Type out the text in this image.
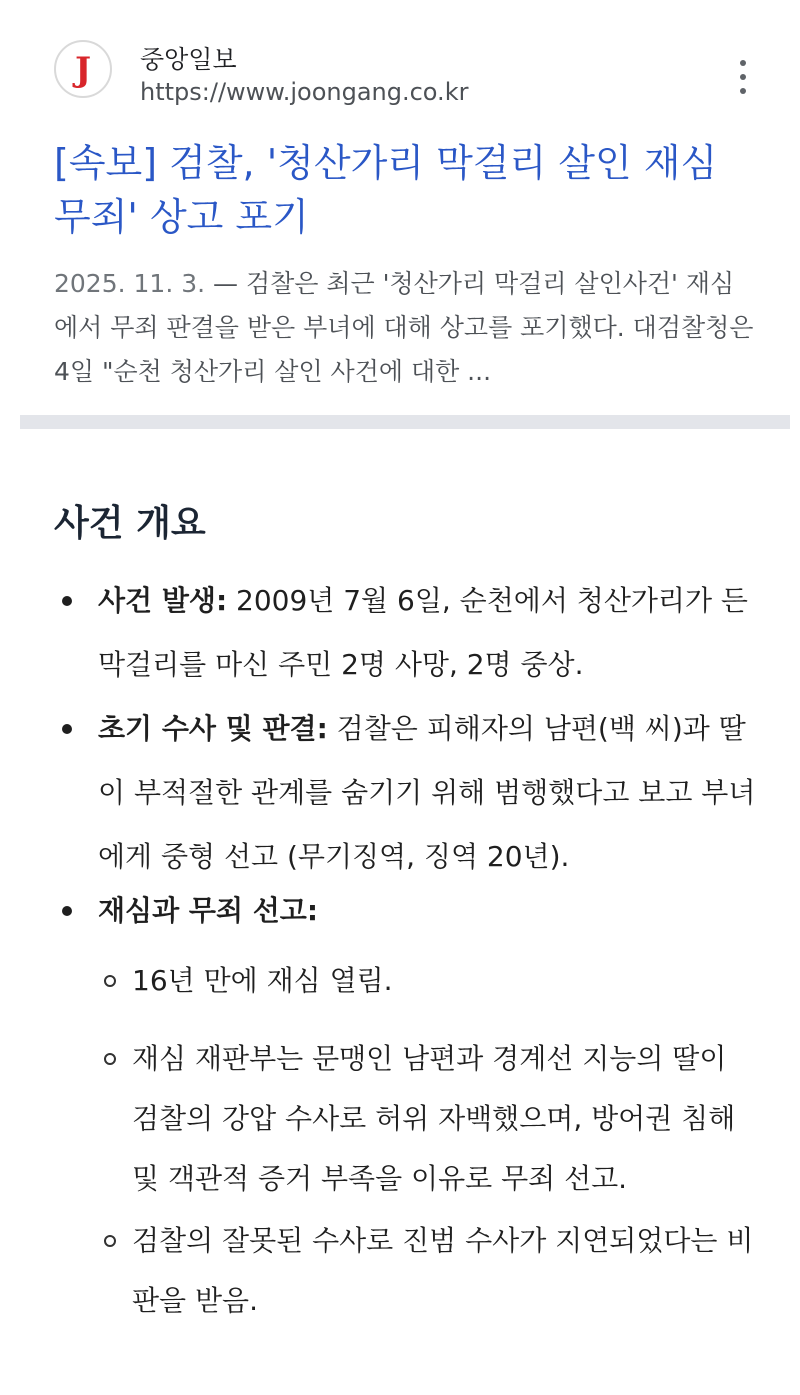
J 중앙일보
https://www.joongang.co.kr
[속보] 검찰, '청산가리 막걸리 살인 재심 무죄' 상고 포기

2025. 11. 3. — 검찰은 최근 '청산가리 막걸리 살인사건' 재심에서 무죄 판결을 받은 부녀에 대해 상고를 포기했다. 대검찰청은 4일 "순천 청산가리 살인 사건에 대한 ...

사건 개요
사건 발생: 2009년 7월 6일, 순천에서 청산가리가 든 막걸리를 마신 주민 2명 사망, 2명 중상.
초기 수사 및 판결: 검찰은 피해자의 남편(백 씨)과 딸이 부적절한 관계를 숨기기 위해 범행했다고 보고 부녀에게 중형 선고 (무기징역, 징역 20년).
재심과 무죄 선고:
16년 만에 재심 열림.
재심 재판부는 문맹인 남편과 경계선 지능의 딸이 검찰의 강압 수사로 허위 자백했으며, 방어권 침해 및 객관적 증거 부족을 이유로 무죄 선고.
검찰의 잘못된 수사로 진범 수사가 지연되었다는 비판을 받음.
